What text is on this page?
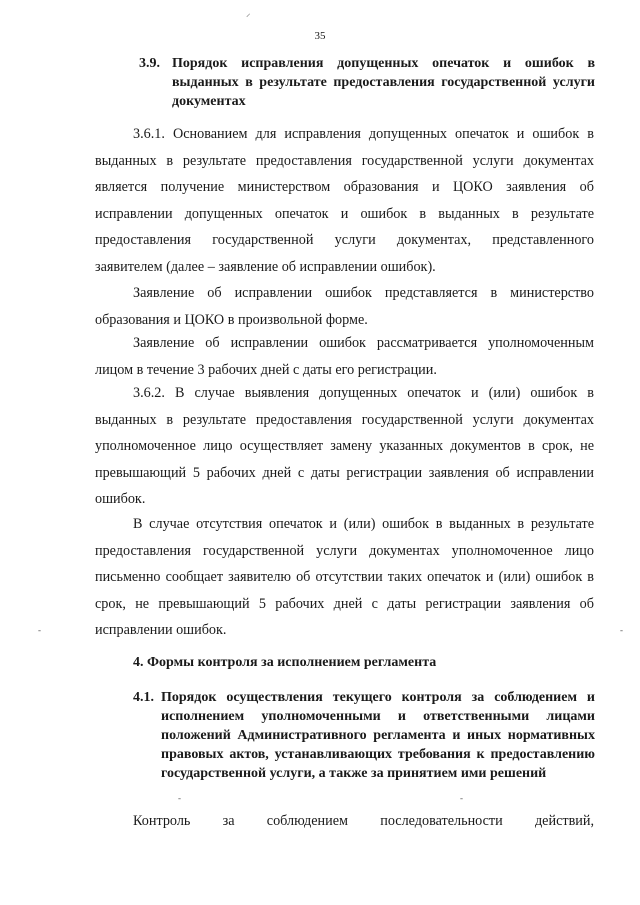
35
3.9. Порядок исправления допущенных опечаток и ошибок в выданных в результате предоставления государственной услуги документах

3.6.1. Основанием для исправления допущенных опечаток и ошибок в выданных в результате предоставления государственной услуги документах является получение министерством образования и ЦОКО заявления об исправлении допущенных опечаток и ошибок в выданных в результате предоставления государственной услуги документах, представленного заявителем (далее – заявление об исправлении ошибок).

Заявление об исправлении ошибок представляется в министерство образования и ЦОКО в произвольной форме.

Заявление об исправлении ошибок рассматривается уполномоченным лицом в течение 3 рабочих дней с даты его регистрации.

3.6.2. В случае выявления допущенных опечаток и (или) ошибок в выданных в результате предоставления государственной услуги документах уполномоченное лицо осуществляет замену указанных документов в срок, не превышающий 5 рабочих дней с даты регистрации заявления об исправлении ошибок.

В случае отсутствия опечаток и (или) ошибок в выданных в результате предоставления государственной услуги документах уполномоченное лицо письменно сообщает заявителю об отсутствии таких опечаток и (или) ошибок в срок, не превышающий 5 рабочих дней с даты регистрации заявления об исправлении ошибок.

4. Формы контроля за исполнением регламента
4.1. Порядок осуществления текущего контроля за соблюдением и исполнением уполномоченными и ответственными лицами положений Административного регламента и иных нормативных правовых актов, устанавливающих требования к предоставлению государственной услуги, а также за принятием ими решений

Контроль за соблюдением последовательности действий,

⸍
‐	‐
‐	‐
